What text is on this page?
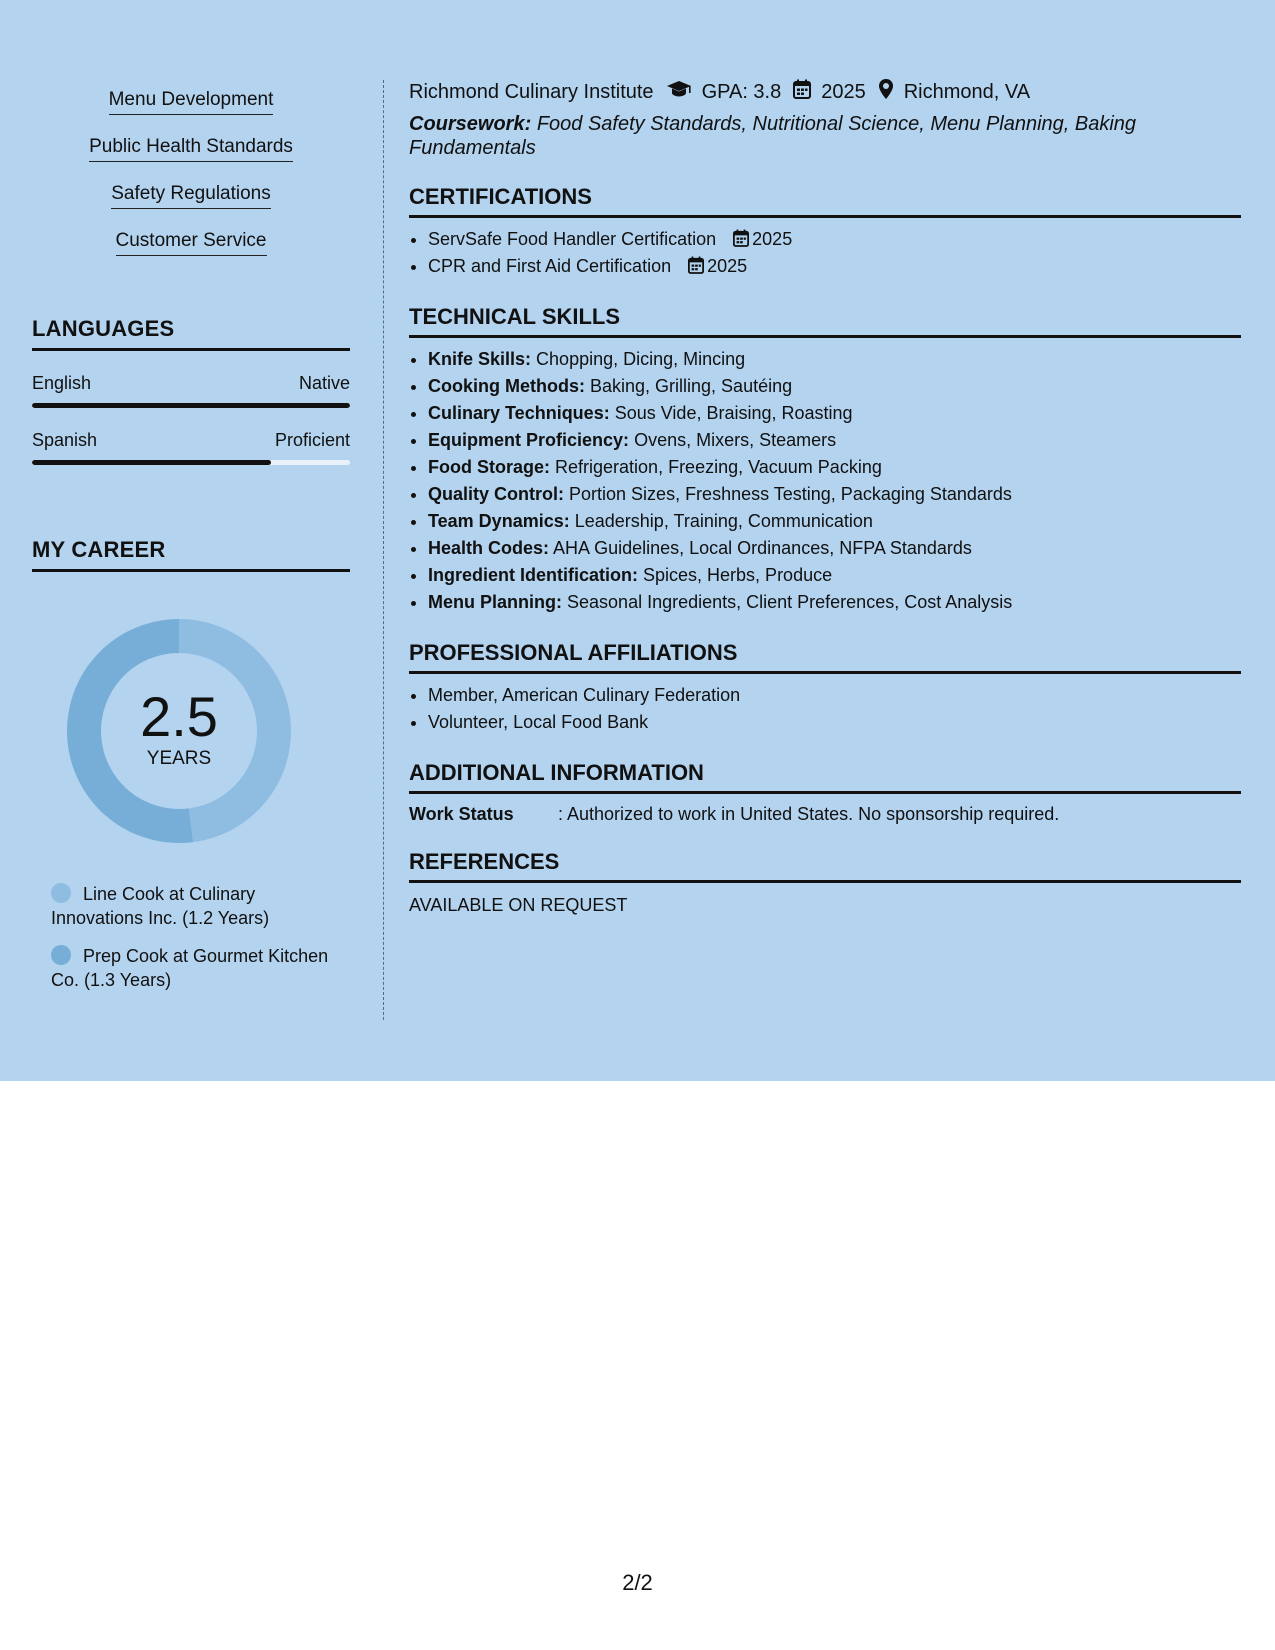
Menu Development
Public Health Standards
Safety Regulations
Customer Service
LANGUAGES
English	Native
Spanish	Proficient
MY CAREER
2.5
YEARS
Line Cook at Culinary Innovations Inc. (1.2 Years)
Prep Cook at Gourmet Kitchen Co. (1.3 Years)
Richmond Culinary Institute GPA: 3.8 2025 Richmond, VA
Coursework: Food Safety Standards, Nutritional Science, Menu Planning, Baking Fundamentals
CERTIFICATIONS
• ServSafe Food Handler Certification 2025
• CPR and First Aid Certification 2025
TECHNICAL SKILLS
• Knife Skills: Chopping, Dicing, Mincing
• Cooking Methods: Baking, Grilling, Sautéing
• Culinary Techniques: Sous Vide, Braising, Roasting
• Equipment Proficiency: Ovens, Mixers, Steamers
• Food Storage: Refrigeration, Freezing, Vacuum Packing
• Quality Control: Portion Sizes, Freshness Testing, Packaging Standards
• Team Dynamics: Leadership, Training, Communication
• Health Codes: AHA Guidelines, Local Ordinances, NFPA Standards
• Ingredient Identification: Spices, Herbs, Produce
• Menu Planning: Seasonal Ingredients, Client Preferences, Cost Analysis
PROFESSIONAL AFFILIATIONS
• Member, American Culinary Federation
• Volunteer, Local Food Bank
ADDITIONAL INFORMATION
Work Status	: Authorized to work in United States. No sponsorship required.
REFERENCES
AVAILABLE ON REQUEST
2/2
